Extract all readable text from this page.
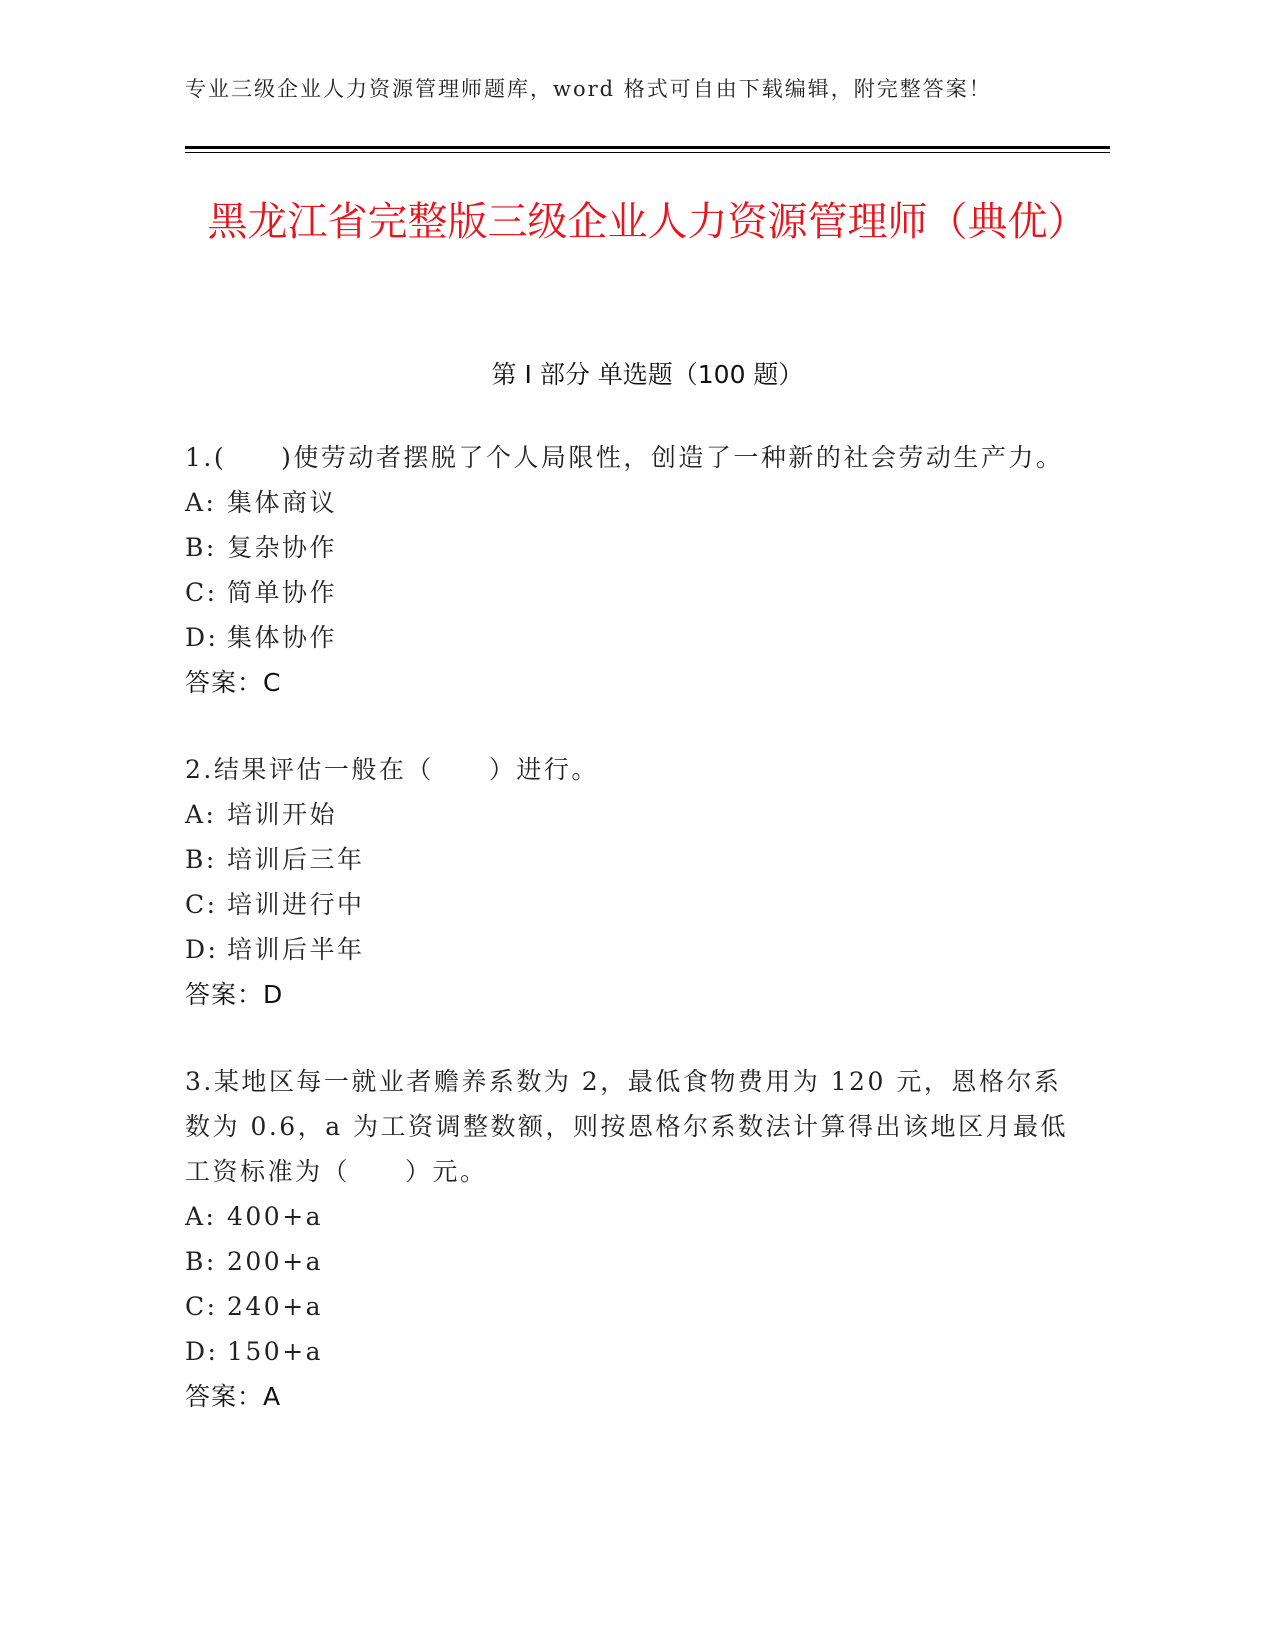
专业三级企业人力资源管理师题库，word 格式可自由下载编辑，附完整答案！
黑龙江省完整版三级企业人力资源管理师（典优）
第 I 部分 单选题（100 题）

1.(　　)使劳动者摆脱了个人局限性，创造了一种新的社会劳动生产力。

A: 集体商议

B: 复杂协作

C: 简单协作

D: 集体协作

答案：C

2.结果评估一般在（　　）进行。

A: 培训开始

B: 培训后三年

C: 培训进行中

D: 培训后半年

答案：D

3.某地区每一就业者赡养系数为 2，最低食物费用为 120 元，恩格尔系数为 0.6，a 为工资调整数额，则按恩格尔系数法计算得出该地区月最低工资标准为（　　）元。

A: 400+a

B: 200+a

C: 240+a

D: 150+a

答案：A
